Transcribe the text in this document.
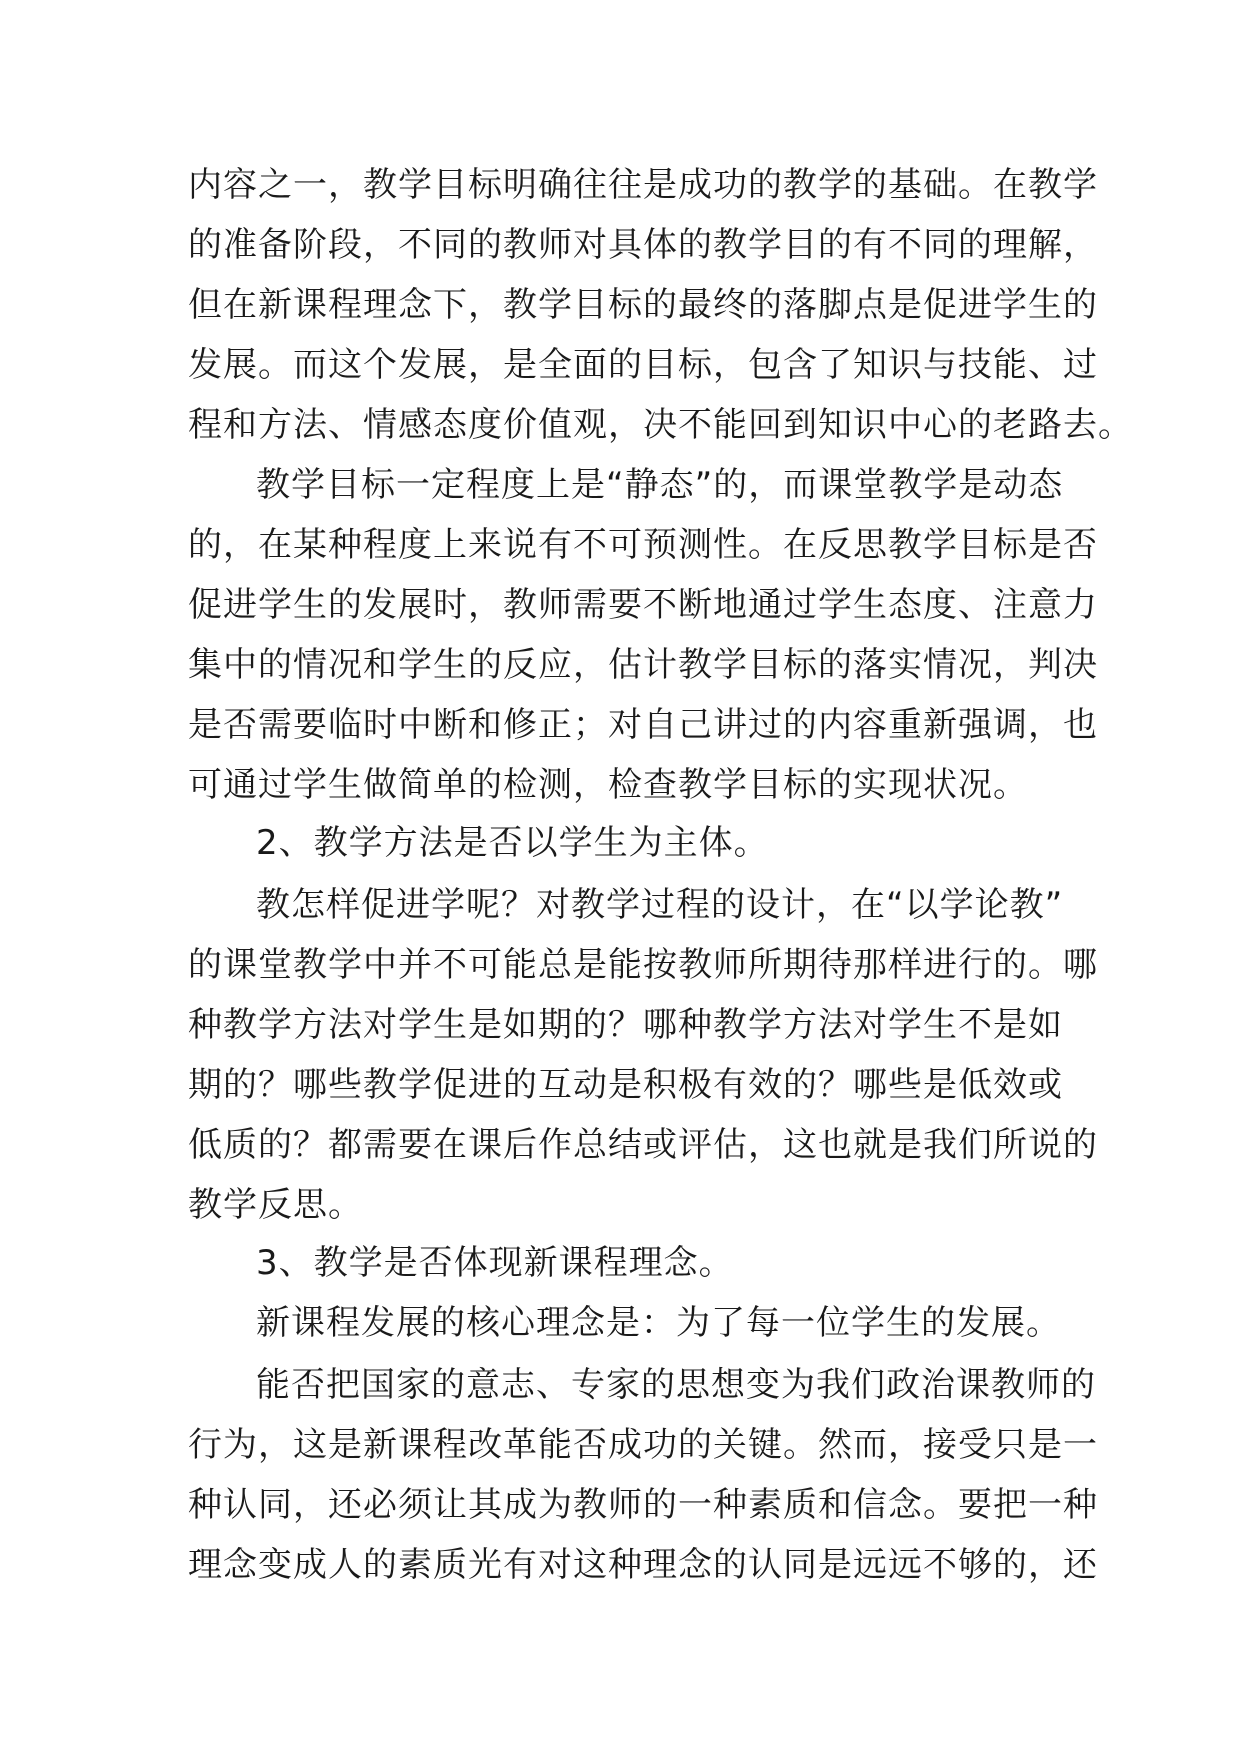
内容之一，教学目标明确往往是成功的教学的基础。在教学
的准备阶段，不同的教师对具体的教学目的有不同的理解，
但在新课程理念下，教学目标的最终的落脚点是促进学生的
发展。而这个发展，是全面的目标，包含了知识与技能、过
程和方法、情感态度价值观，决不能回到知识中心的老路去。
教学目标一定程度上是“静态”的，而课堂教学是动态
的，在某种程度上来说有不可预测性。在反思教学目标是否
促进学生的发展时，教师需要不断地通过学生态度、注意力
集中的情况和学生的反应，估计教学目标的落实情况，判决
是否需要临时中断和修正；对自己讲过的内容重新强调，也
可通过学生做简单的检测，检查教学目标的实现状况。
2、教学方法是否以学生为主体。
教怎样促进学呢？对教学过程的设计，在“以学论教”
的课堂教学中并不可能总是能按教师所期待那样进行的。哪
种教学方法对学生是如期的？哪种教学方法对学生不是如
期的？哪些教学促进的互动是积极有效的？哪些是低效或
低质的？都需要在课后作总结或评估，这也就是我们所说的
教学反思。
3、教学是否体现新课程理念。
新课程发展的核心理念是：为了每一位学生的发展。
能否把国家的意志、专家的思想变为我们政治课教师的
行为，这是新课程改革能否成功的关键。然而，接受只是一
种认同，还必须让其成为教师的一种素质和信念。要把一种
理念变成人的素质光有对这种理念的认同是远远不够的，还
